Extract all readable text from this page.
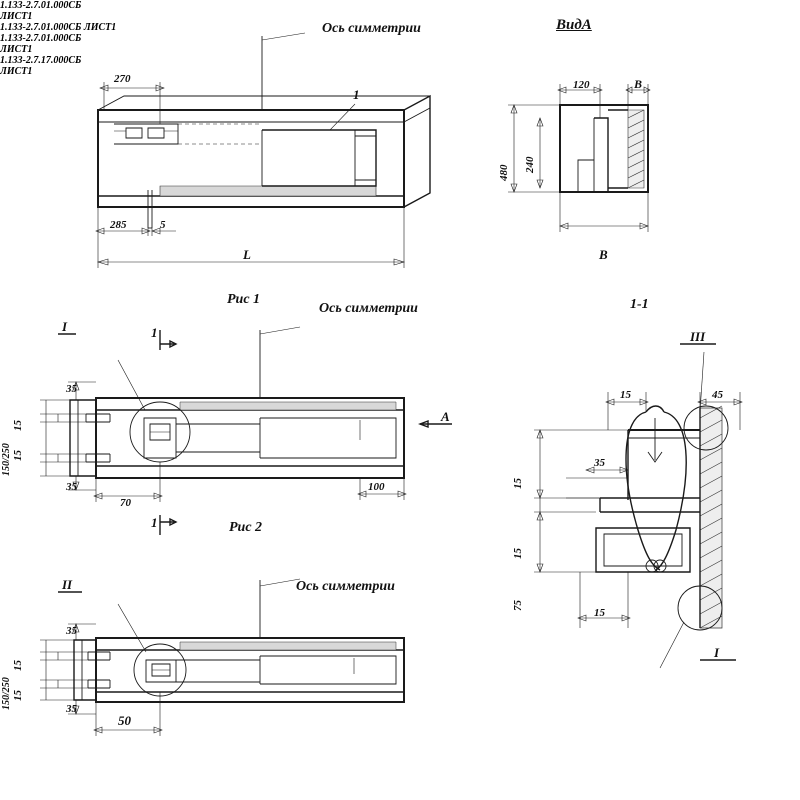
Ось симметрии	ВидА
270
1
285	5
L
120	B
480 240
B
Рис 1
Ось симметрии	1-1
I
1.133-2.7.01.000СБ
ЛИСТ1
III
1.133-2.7.01.000СБ ЛИСТ1
35
15
15
150/250
35
70
100
A
1
1	Рис 2
II
1.133-2.7.01.000СБ
ЛИСТ1
Ось симметрии
35
15
15
150/250	35
50
15	45
35
15
15
75
15
I
1.133-2.7.17.000СБ
ЛИСТ1
